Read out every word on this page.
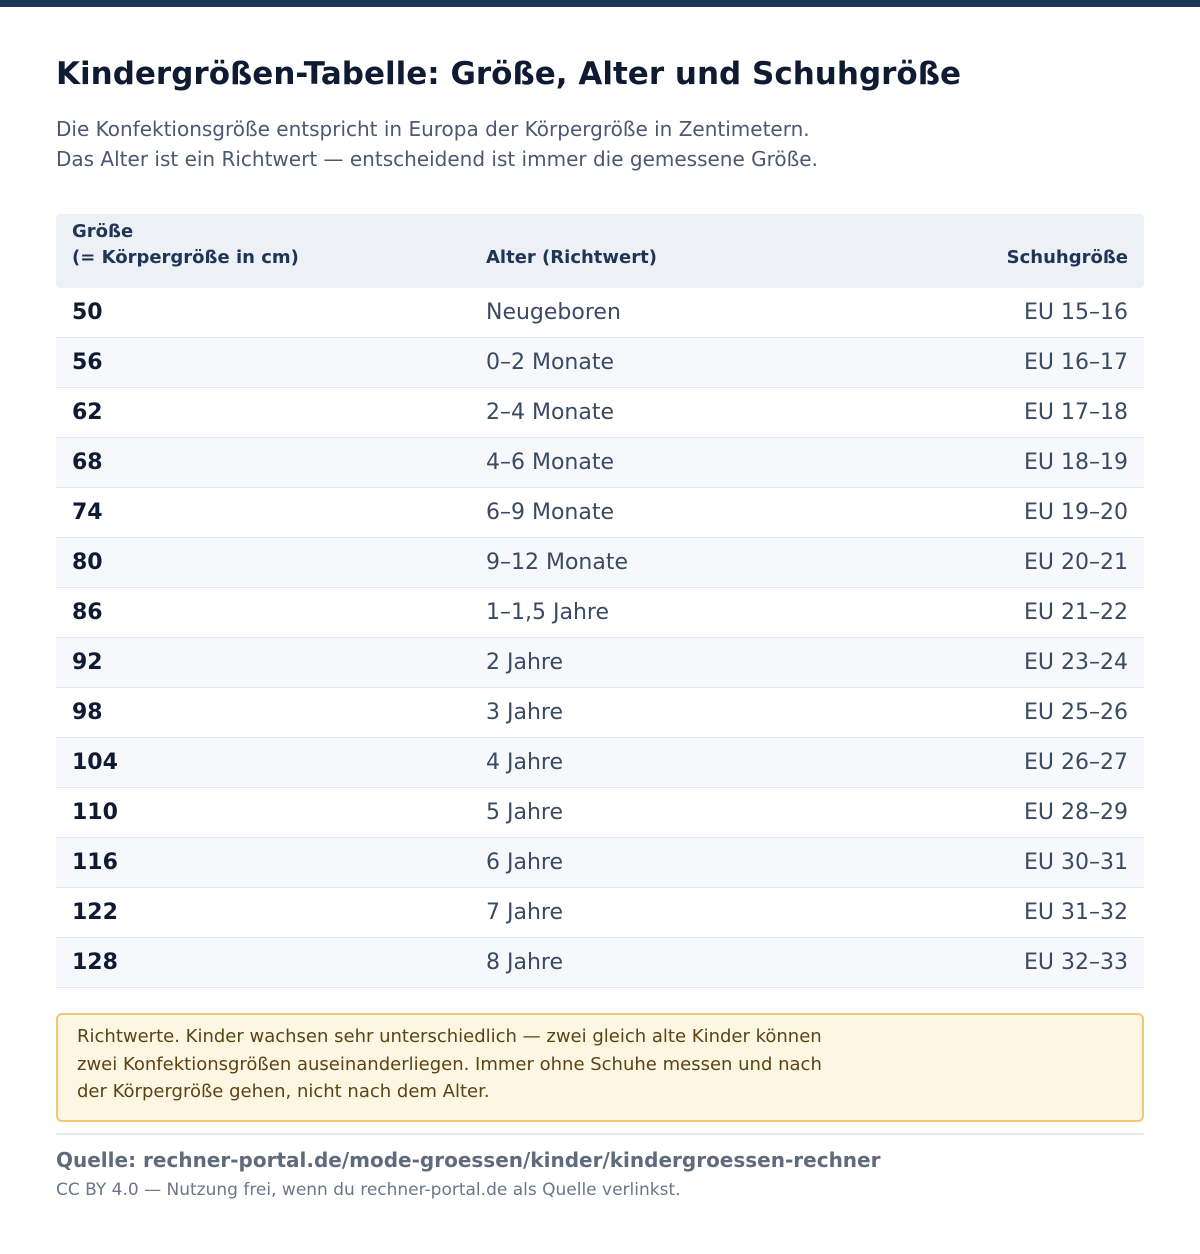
Kindergrößen-Tabelle: Größe, Alter und Schuhgröße
Die Konfektionsgröße entspricht in Europa der Körpergröße in Zentimetern.
Das Alter ist ein Richtwert — entscheidend ist immer die gemessene Größe.
Größe
(= Körpergröße in cm)	Alter (Richtwert)	Schuhgröße
50	Neugeboren	EU 15–16
56	0–2 Monate	EU 16–17
62	2–4 Monate	EU 17–18
68	4–6 Monate	EU 18–19
74	6–9 Monate	EU 19–20
80	9–12 Monate	EU 20–21
86	1–1,5 Jahre	EU 21–22
92	2 Jahre	EU 23–24
98	3 Jahre	EU 25–26
104	4 Jahre	EU 26–27
110	5 Jahre	EU 28–29
116	6 Jahre	EU 30–31
122	7 Jahre	EU 31–32
128	8 Jahre	EU 32–33
Richtwerte. Kinder wachsen sehr unterschiedlich — zwei gleich alte Kinder können
zwei Konfektionsgrößen auseinanderliegen. Immer ohne Schuhe messen und nach
der Körpergröße gehen, nicht nach dem Alter.
Quelle: rechner-portal.de/mode-groessen/kinder/kindergroessen-rechner
CC BY 4.0 — Nutzung frei, wenn du rechner-portal.de als Quelle verlinkst.
